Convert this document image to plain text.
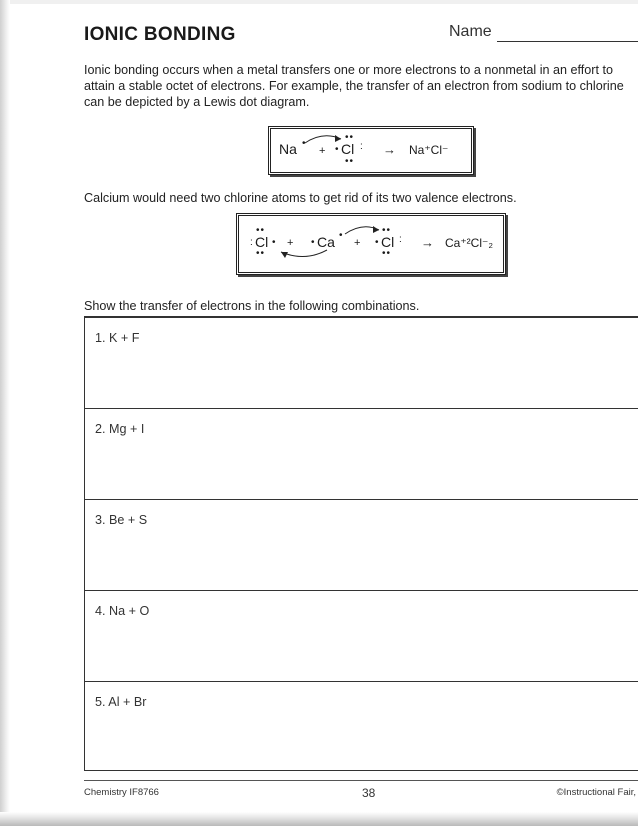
IONIC BONDING	Name
Ionic bonding occurs when a metal transfers one or more electrons to a nonmetal in an effort to attain a stable octet of electrons. For example, the transfer of an electron from sodium to chlorine can be depicted by a Lewis dot diagram.
Na •
+
••
• Cl :
••
→ Na⁺Cl⁻
Calcium would need two chlorine atoms to get rid of its two valence electrons.
:
••
Cl •
••
+ • Ca •
+ •
••
Cl :
••
→ Ca⁺²Cl⁻₂
Show the transfer of electrons in the following combinations.
1. K + F
2. Mg + I
3. Be + S
4. Na + O
5. Al + Br
Chemistry IF8766	38	©Instructional Fair,
